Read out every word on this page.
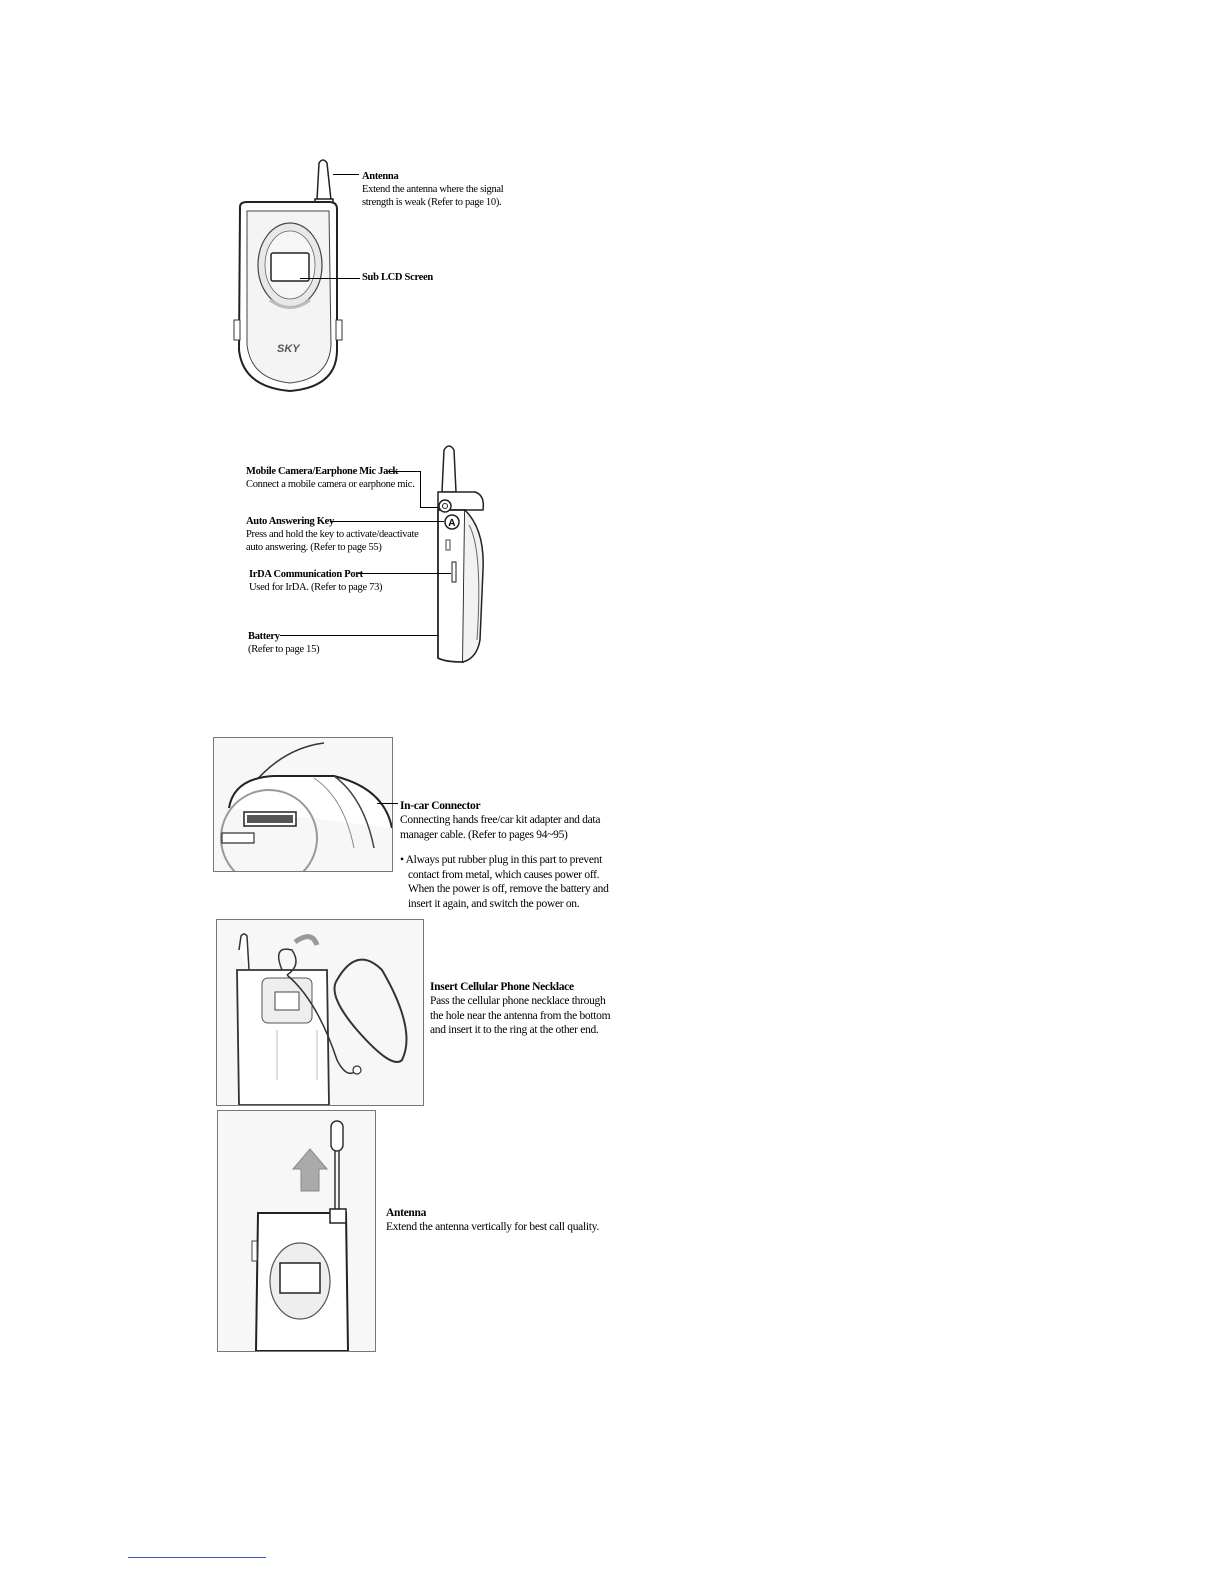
SKY
Antenna
Extend the antenna where the signal
strength is weak (Refer to page 10).
Sub LCD Screen
A
Mobile Camera/Earphone Mic Jack
Connect a mobile camera or earphone mic.
Auto Answering Key
Press and hold the key to activate/deactivate
auto answering. (Refer to page 55)
IrDA Communication Port
Used for IrDA. (Refer to page 73)
Battery
(Refer to page 15)
In-car Connector
Connecting hands free/car kit adapter and data
manager cable. (Refer to pages 94~95)
• Always put rubber plug in this part to prevent
contact from metal, which causes power off.
When the power is off, remove the battery and
insert it again, and switch the power on.
Insert Cellular Phone Necklace
Pass the cellular phone necklace through
the hole near the antenna from the bottom
and insert it to the ring at the other end.
Antenna
Extend the antenna vertically for best call quality.
